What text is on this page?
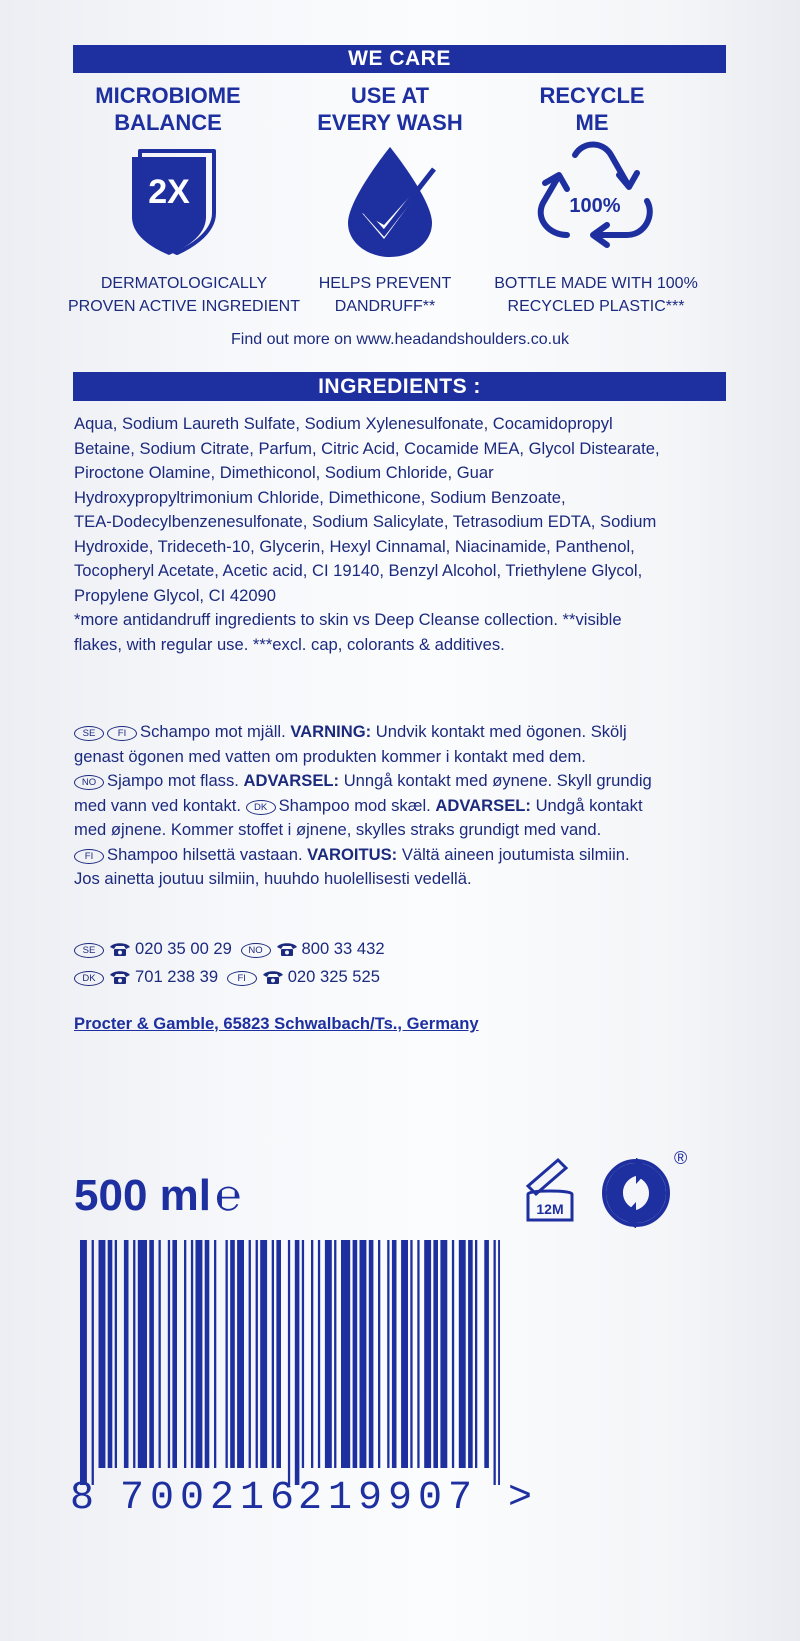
WE CARE
MICROBIOME
BALANCE
USE AT
EVERY WASH
RECYCLE
ME
2X	100%
DERMATOLOGICALLY
PROVEN ACTIVE INGREDIENT
HELPS PREVENT
DANDRUFF**
BOTTLE MADE WITH 100%
RECYCLED PLASTIC***
Find out more on www.headandshoulders.co.uk
INGREDIENTS :
Aqua, Sodium Laureth Sulfate, Sodium Xylenesulfonate, Cocamidopropyl
Betaine, Sodium Citrate, Parfum, Citric Acid, Cocamide MEA, Glycol Distearate,
Piroctone Olamine, Dimethiconol, Sodium Chloride, Guar
Hydroxypropyltrimonium Chloride, Dimethicone, Sodium Benzoate,
TEA-Dodecylbenzenesulfonate, Sodium Salicylate, Tetrasodium EDTA, Sodium
Hydroxide, Trideceth-10, Glycerin, Hexyl Cinnamal, Niacinamide, Panthenol,
Tocopheryl Acetate, Acetic acid, CI 19140, Benzyl Alcohol, Triethylene Glycol,
Propylene Glycol, CI 42090
*more antidandruff ingredients to skin vs Deep Cleanse collection. **visible
flakes, with regular use. ***excl. cap, colorants & additives.
SE FI Schampo mot mjäll. VARNING: Undvik kontakt med ögonen. Skölj
genast ögonen med vatten om produkten kommer i kontakt med dem.
NO Sjampo mot flass. ADVARSEL: Unngå kontakt med øynene. Skyll grundig
med vann ved kontakt. DK Shampoo mod skæl. ADVARSEL: Undgå kontakt
med øjnene. Kommer stoffet i øjnene, skylles straks grundigt med vand.
FI Shampoo hilsettä vastaan. VAROITUS: Vältä aineen joutumista silmiin.
Jos ainetta joutuu silmiin, huuhdo huolellisesti vedellä.
SE 020 35 00 29 NO 800 33 432
DK 701 238 39 FI	020 325 525
Procter & Gamble, 65823 Schwalbach/Ts., Germany
500 ml℮	12M
®
8 700216
219907 >
